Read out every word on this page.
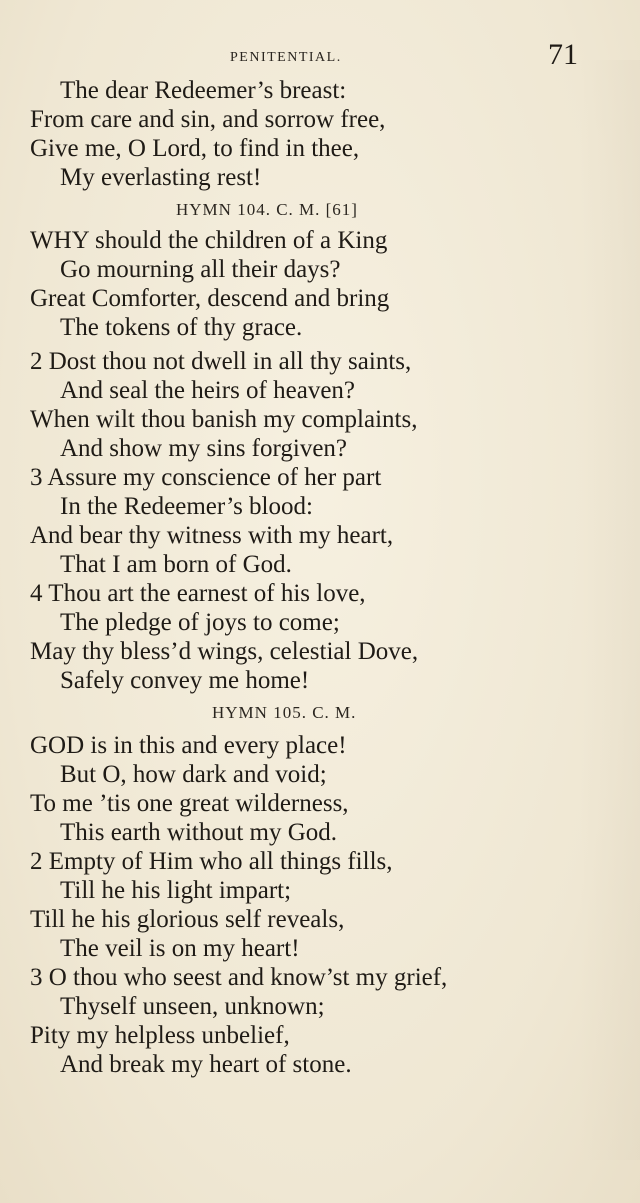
PENITENTIAL.	71
The dear Redeemer’s breast:
From care and sin, and sorrow free,
Give me, O Lord, to find in thee,
My everlasting rest!
HYMN 104. C. M. [61]
WHY should the children of a King
Go mourning all their days?
Great Comforter, descend and bring
The tokens of thy grace.
2 Dost thou not dwell in all thy saints,
And seal the heirs of heaven?
When wilt thou banish my complaints,
And show my sins forgiven?
3 Assure my conscience of her part
In the Redeemer’s blood:
And bear thy witness with my heart,
That I am born of God.
4 Thou art the earnest of his love,
The pledge of joys to come;
May thy bless’d wings, celestial Dove,
Safely convey me home!
HYMN 105. C. M.
GOD is in this and every place!
But O, how dark and void;
To me ’tis one great wilderness,
This earth without my God.
2 Empty of Him who all things fills,
Till he his light impart;
Till he his glorious self reveals,
The veil is on my heart!
3 O thou who seest and know’st my grief,
Thyself unseen, unknown;
Pity my helpless unbelief,
And break my heart of stone.
